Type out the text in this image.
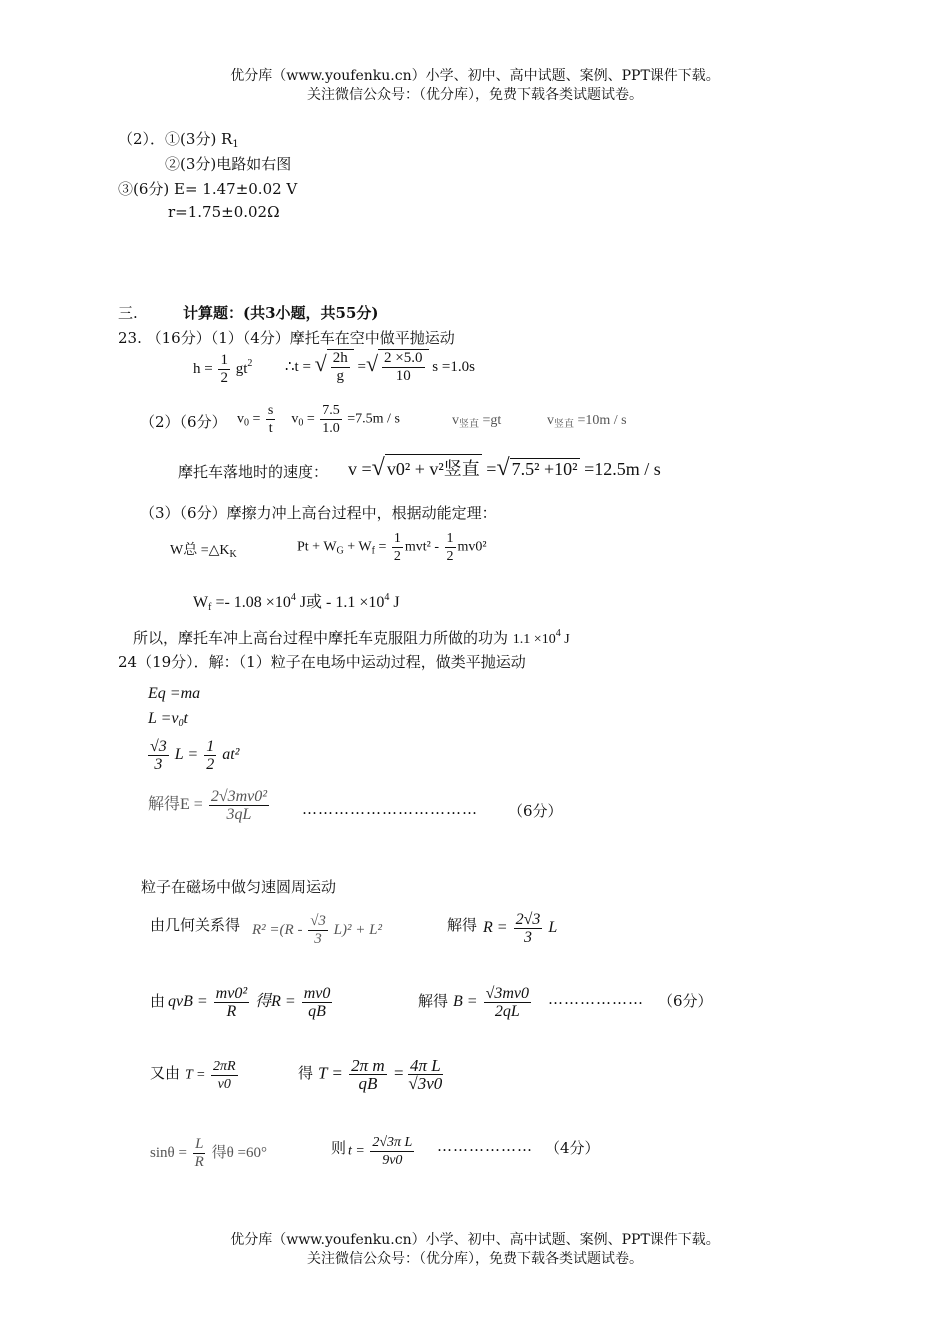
优分库（www.youfenku.cn）小学、初中、高中试题、案例、PPT课件下载。
关注微信公众号：（优分库），免费下载各类试题试卷。
（2）．①(3分) $R_1$
②(3分)电路如右图
③(6分) E= 1.47±0.02 V
r=1.75±0.02Ω
三.	计算题：(共3小题，共55分)
23. （16分）（1）（4分）摩托车在空中做平抛运动
$h = \frac{1}{2} gt^2$ ∴t = √ $\frac{2h}{g}$ =√ $\frac{2 \times 5.0}{10}$ s =1.0s
（2）（6分） $v_0 = \frac{s}{t} v_0 = \frac{7.5}{1.0} =7.5m / s$	$v_{竖直} =gt$	$v_{竖直} =10m / s$
摩托车落地时的速度： v =√ v0² + v²竖直 =√ 7.5² +10² =12.5m / s
（3）（6分）摩擦力冲上高台过程中，根据动能定理：
W总 $=\triangle K_K$	$Pt + W_G + W_f = \frac{1}{2} mvt^2 - \frac{1}{2} mv0^2$
$W_f =- 1.08 \times 10^4$ J或 - $1.1 \times 10^4$ J
所以，摩托车冲上高台过程中摩托车克服阻力所做的功为 $1.1 \times 10^4$ J
24（19分）．解：（1）粒子在电场中运动过程，做类平抛运动
Eq =ma
$L =v_0t$
$\frac{√3}{3}$ $L = \frac{1}{2} at^2$
解得$E = \frac{\text{2√3mv0²}}{3qL}$ …………………………… （6分）
粒子在磁场中做匀速圆周运动
由几何关系得 $R^2 =(R - \frac{√3}{3} L)^2 + L^2$	解得 $R = \frac{2√3}{3}$ L
由 qvB = $\frac{\text{mv0²}}{R}$ 得$R = \frac{mv0}{qB}$	解得 $B = \frac{√3mv0}{2qL}$ ……………… （6分）
又由 $T = \frac{2\pi R}{v0}$	得 $T = \frac{\text{2π m}}{qB} = \frac{\text{4π L}}{√3v0}$
$\sin\theta = \frac{L}{R}$ 得θ =60°	则 $t = \frac{\text{2√3π L}}{9v0}$ ……………… （4分）
优分库（www.youfenku.cn）小学、初中、高中试题、案例、PPT课件下载。
关注微信公众号：（优分库），免费下载各类试题试卷。
